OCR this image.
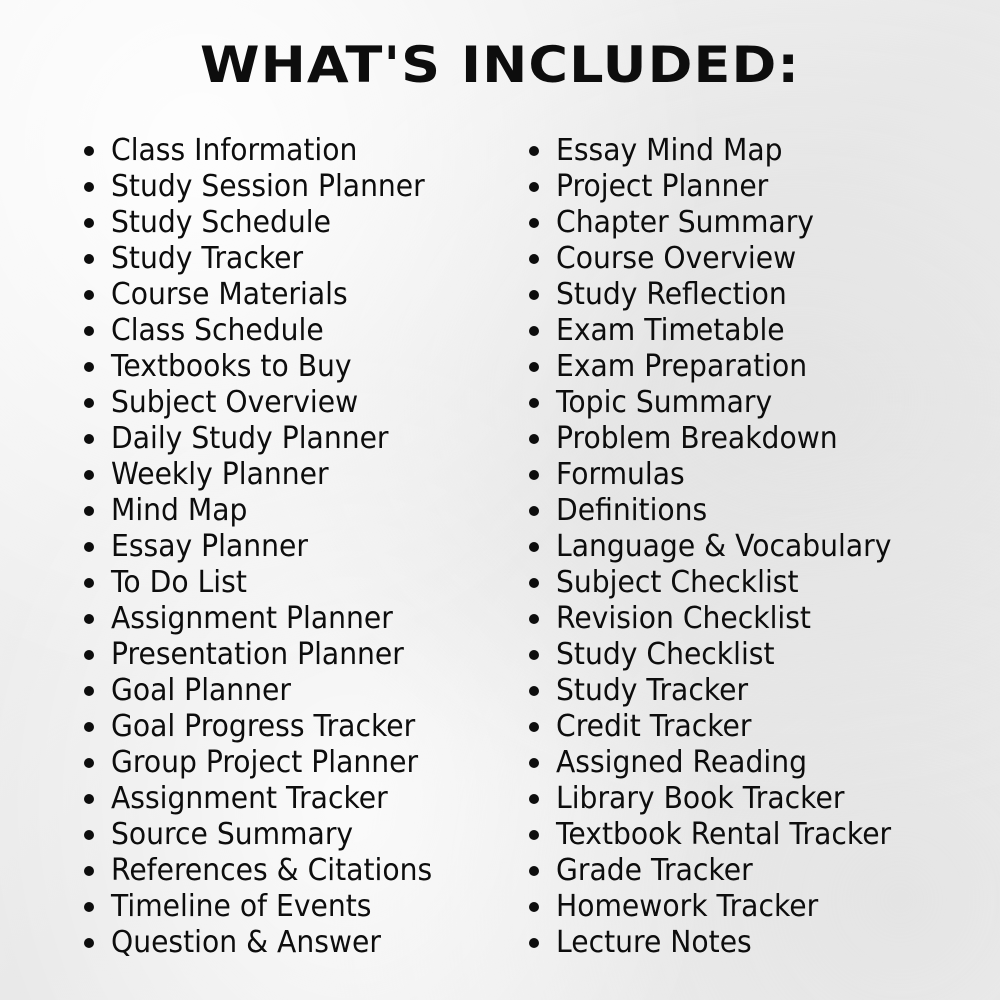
WHAT'S INCLUDED:
Class Information
Study Session Planner
Study Schedule
Study Tracker
Course Materials
Class Schedule
Textbooks to Buy
Subject Overview
Daily Study Planner
Weekly Planner
Mind Map
Essay Planner
To Do List
Assignment Planner
Presentation Planner
Goal Planner
Goal Progress Tracker
Group Project Planner
Assignment Tracker
Source Summary
References & Citations
Timeline of Events
Question & Answer
Essay Mind Map
Project Planner
Chapter Summary
Course Overview
Study Reflection
Exam Timetable
Exam Preparation
Topic Summary
Problem Breakdown
Formulas
Definitions
Language & Vocabulary
Subject Checklist
Revision Checklist
Study Checklist
Study Tracker
Credit Tracker
Assigned Reading
Library Book Tracker
Textbook Rental Tracker
Grade Tracker
Homework Tracker
Lecture Notes
